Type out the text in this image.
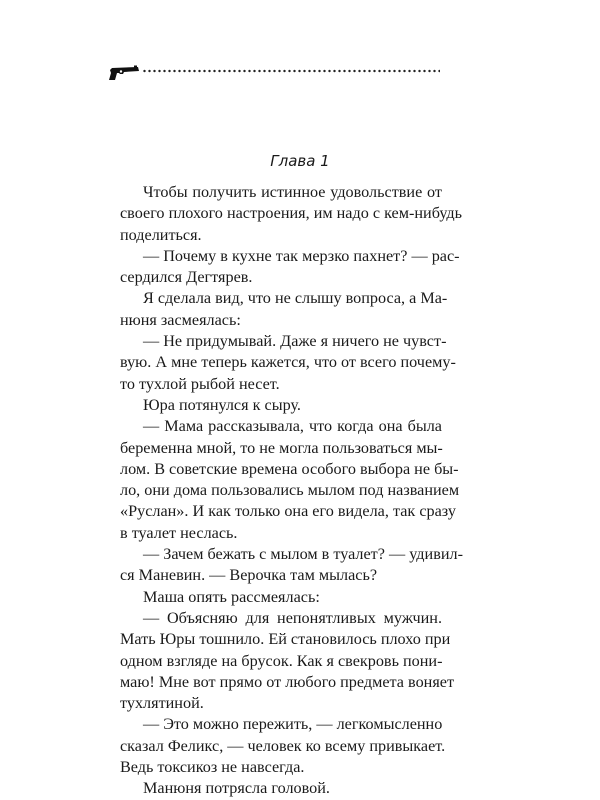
Глава 1
Чтобы получить истинное удовольствие от
своего плохого настроения, им надо с кем-нибудь
поделиться.
— Почему в кухне так мерзко пахнет? — рас-
сердился Дегтярев.
Я сделала вид, что не слышу вопроса, а Ма-
нюня засмеялась:
— Не придумывай. Даже я ничего не чувст-
вую. А мне теперь кажется, что от всего почему-
то тухлой рыбой несет.
Юра потянулся к сыру.
— Мама рассказывала, что когда она была
беременна мной, то не могла пользоваться мы-
лом. В советские времена особого выбора не бы-
ло, они дома пользовались мылом под названием
«Руслан». И как только она его видела, так сразу
в туалет неслась.
— Зачем бежать с мылом в туалет? — удивил-
ся Маневин. — Верочка там мылась?
Маша опять рассмеялась:
— Объясняю для непонятливых мужчин.
Мать Юры тошнило. Ей становилось плохо при
одном взгляде на брусок. Как я свекровь пони-
маю! Мне вот прямо от любого предмета воняет
тухлятиной.
— Это можно пережить, — легкомысленно
сказал Феликс, — человек ко всему привыкает.
Ведь токсикоз не навсегда.
Манюня потрясла головой.
